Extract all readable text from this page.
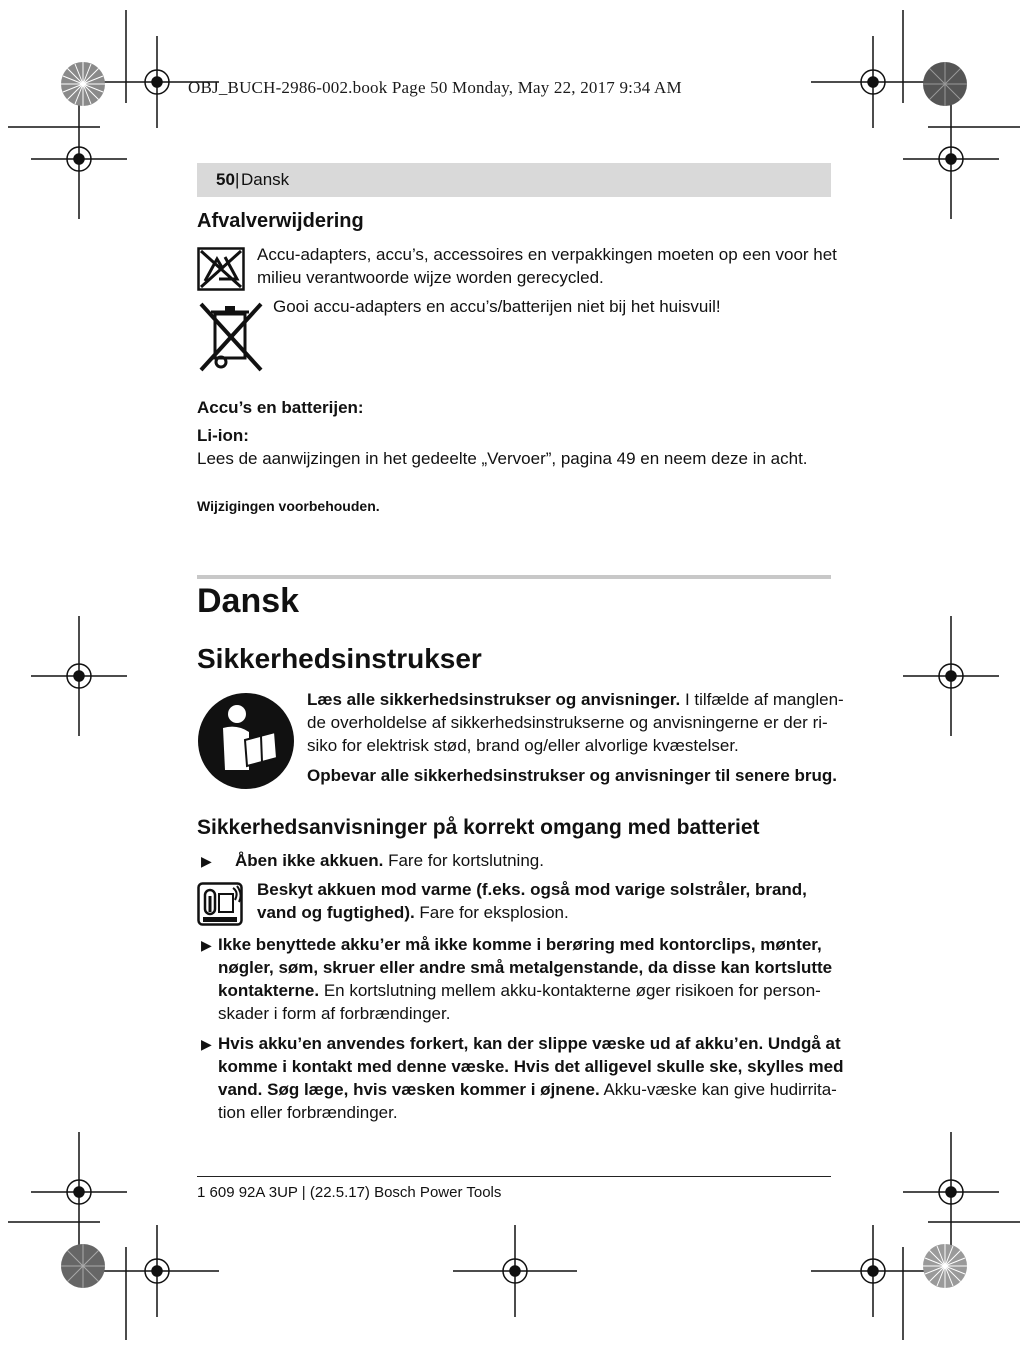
OBJ_BUCH-2986-002.book Page 50 Monday, May 22, 2017 9:34 AM
50 | Dansk
Afvalverwijdering
Accu-adapters, accu’s, accessoires en verpakkingen moeten op een voor het
milieu verantwoorde wijze worden gerecycled.
Gooi accu-adapters en accu’s/batterijen niet bij het huisvuil!
Accu’s en batterijen:
Li-ion:
Lees de aanwijzingen in het gedeelte „Vervoer”, pagina 49 en neem deze in acht.
Wijzigingen voorbehouden.
Dansk
Sikkerhedsinstrukser
Læs alle sikkerhedsinstrukser og anvisninger. I tilfælde af manglen-
de overholdelse af sikkerhedsinstrukserne og anvisningerne er der ri-
siko for elektrisk stød, brand og/eller alvorlige kvæstelser.
Opbevar alle sikkerhedsinstrukser og anvisninger til senere brug.
Sikkerhedsanvisninger på korrekt omgang med batteriet
▶ Åben ikke akkuen. Fare for kortslutning.
Beskyt akkuen mod varme (f.eks. også mod varige solstråler, brand,
vand og fugtighed). Fare for eksplosion.
▶ Ikke benyttede akku’er må ikke komme i berøring med kontorclips, mønter,
nøgler, søm, skruer eller andre små metalgenstande, da disse kan kortslutte
kontakterne. En kortslutning mellem akku-kontakterne øger risikoen for person-
skader i form af forbrændinger.
▶ Hvis akku’en anvendes forkert, kan der slippe væske ud af akku’en. Undgå at
komme i kontakt med denne væske. Hvis det alligevel skulle ske, skylles med
vand. Søg læge, hvis væsken kommer i øjnene. Akku-væske kan give hudirrita-
tion eller forbrændinger.
1 609 92A 3UP | (22.5.17) Bosch Power Tools
